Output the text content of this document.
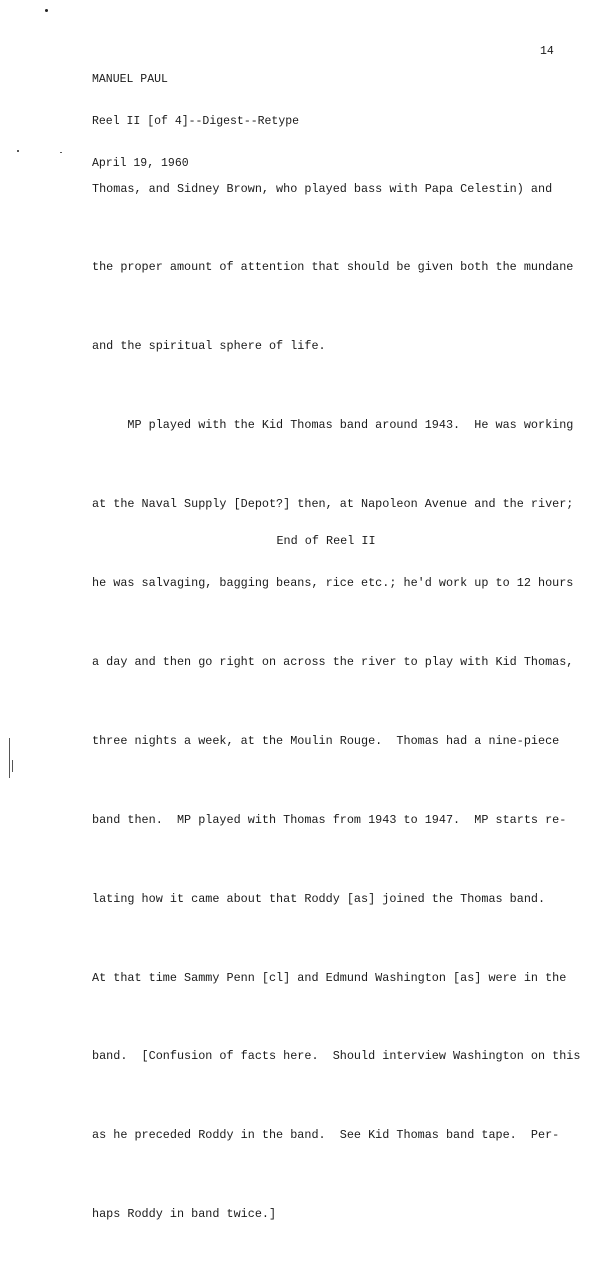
MANUEL PAUL

Reel II [of 4]--Digest--Retype

April 19, 1960

14

Thomas, and Sidney Brown, who played bass with Papa Celestin) and

the proper amount of attention that should be given both the mundane

and the spiritual sphere of life.

MP played with the Kid Thomas band around 1943.  He was working

at the Naval Supply [Depot?] then, at Napoleon Avenue and the river;

he was salvaging, bagging beans, rice etc.; he'd work up to 12 hours

a day and then go right on across the river to play with Kid Thomas,

three nights a week, at the Moulin Rouge.  Thomas had a nine-piece

band then.  MP played with Thomas from 1943 to 1947.  MP starts re-

lating how it came about that Roddy [as] joined the Thomas band.

At that time Sammy Penn [cl] and Edmund Washington [as] were in the

band.  [Confusion of facts here.  Should interview Washington on this

as he preceded Roddy in the band.  See Kid Thomas band tape.  Per-

haps Roddy in band twice.]

End of Reel II
